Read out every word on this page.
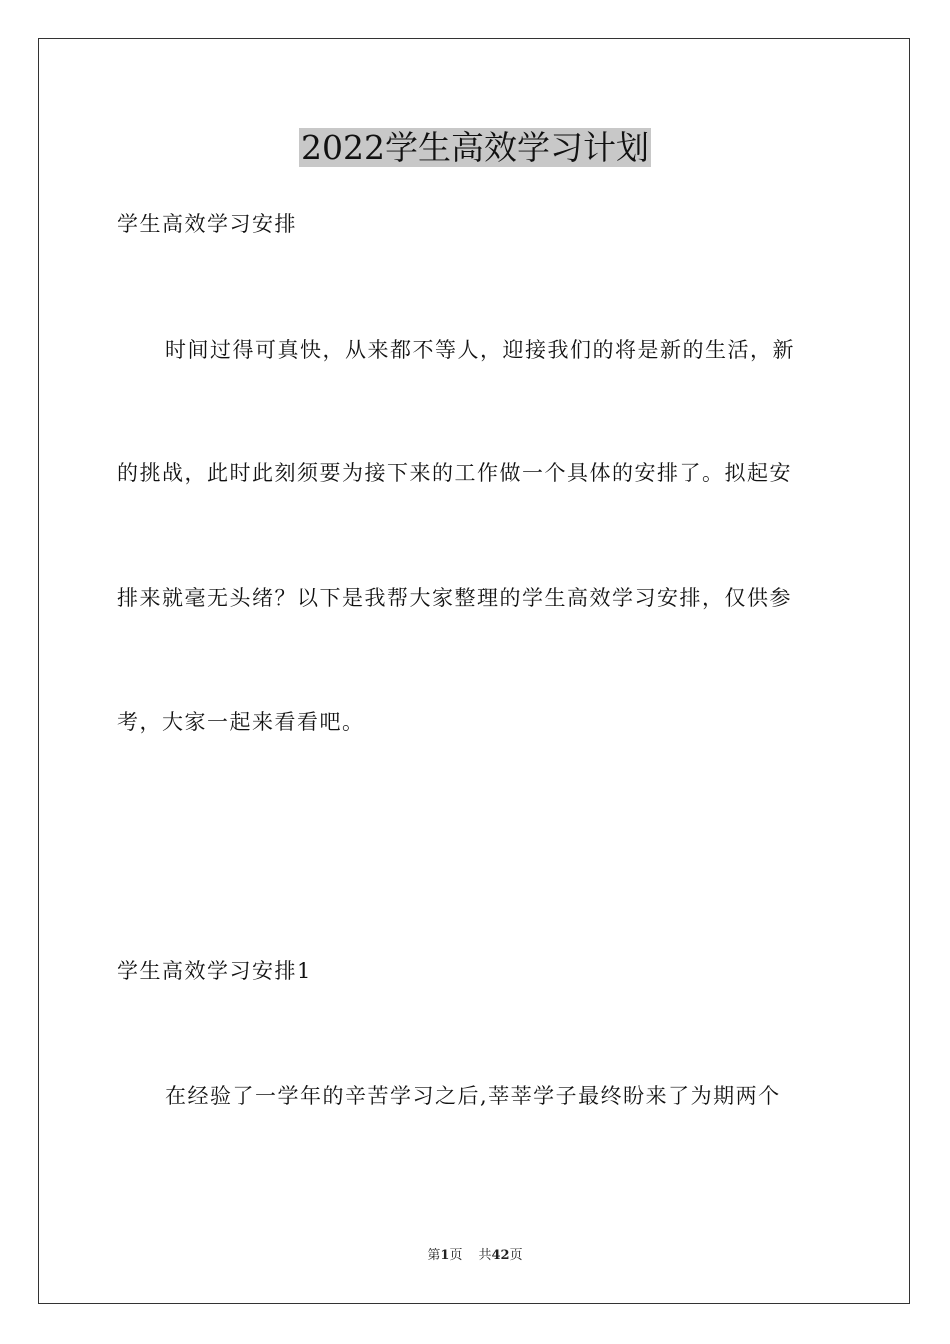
2022学生高效学习计划
学生高效学习安排
时间过得可真快，从来都不等人，迎接我们的将是新的生活，新
的挑战，此时此刻须要为接下来的工作做一个具体的安排了。拟起安
排来就毫无头绪？以下是我帮大家整理的学生高效学习安排，仅供参
考，大家一起来看看吧。
学生高效学习安排1
在经验了一学年的辛苦学习之后,莘莘学子最终盼来了为期两个
第1页 共42页
